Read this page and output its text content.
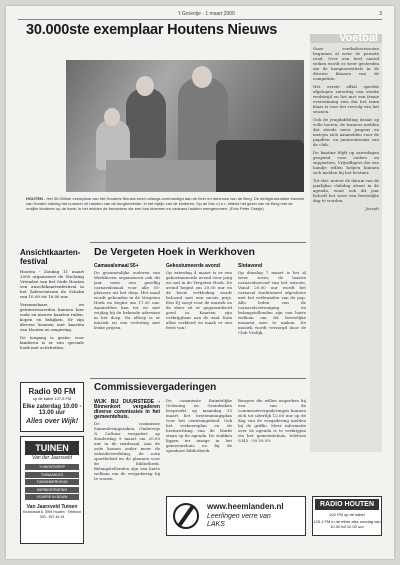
't Groentje · 1 maart 2000	3
30.000ste exemplaar Houtens Nieuws
HOUTEN - Het 30.000ste exemplaar van het Houtens Nieuws werd onlangs overhandigd aan de heer en mevrouw van de Berg. De dertigduizendste inwoner van Houten ontving het nummer uit handen van de burgemeester, in het bijzijn van de kinderen. Op de foto v.l.n.r. zittend het gezin van de Berg met de vrolijke kinderen op de bank; in het midden de bezoekers die een bos bloemen en cadeaus hadden meegenomen. (Foto Peter Grasje)
Voetbal

Onze voetbaltoernooien beginnen al weer de periode rond. Over een heel aantal weken wordt er weer gestreden om de kampioenstitels in de diverse klassen van de competitie.

Het eerste elftal speelde afgelopen zaterdag een sterke wedstrijd en liet met een fraaie overwinning zien dat het team klaar is voor het vervolg van het seizoen.

Ook de jeugdafdeling draait op volle toeren; de trainers melden dat steeds meer jongens en meisjes zich aanmelden voor de pupillen- en juniorenteams van de club.

De kantine blijft op zaterdagen geopend voor ouders en supporters. Vrijwilligers die een handje willen helpen kunnen zich melden bij het bestuur.

Tot slot: noteer de datum van de jaarlijkse clubdag alvast in de agenda, want ook dit jaar belooft het weer een feestelijke dag te worden.

Joseph

Ansichtkaarten-festival

Houten - Zondag 11 maart 2000 organiseert de Stichting Vrienden van het Oude Houten een ansichtkaartenfestival in het Zalencentrum de Schalm van 10.00 tot 16.00 uur.

Verzamelaars en geïnteresseerden kunnen hier oude en nieuwe kaarten ruilen, kopen en bekijken. Er zijn diverse kramen met kaarten van Houten en omgeving.

De toegang is gratis; voor kinderen is er een speciale hoek met activiteiten.

Radio 90 FM
op de kabel 107.8 FM
Elke zaterdag 10.00 - 13.00 uur
Alles over Wijk!
TUINEN
Van der Jaarsveld
TUINONTWERP
TUINAANLEG
TUINONDERHOUD
SIERBESTRATING
VIJVERS IN BOUW
Van Jaarsveld Tuinen
Kruisstraat 8, 3994 Houten · Telefoon 030 - 637 46 15
De Vergeten Hoek in Werkhoven
Camavalsmaal 55+

De gezamenlijke ouderen van Werkhoven organiseren ook dit jaar weer een gezellig carnavalsmaal voor alle 55-plussers uit het dorp. Het maal wordt gehouden in de Vergeten Hoek en begint om 17.30 uur. Aanmelden kan tot en met vrijdag bij de bekende adressen in het dorp. Na afloop is er muziek en een verloting met leuke prijzen.

Gekostumeerde avond

Op zaterdag 4 maart is er een gekostumeerde avond voor jong en oud in de Vergeten Hoek. De avond begint om 20.30 uur en de beste verkleding wordt beloond met een mooie prijs. Een DJ zorgt voor de muziek en de sfeer zit er gegarandeerd goed in. Kaarten zijn verkrijgbaar aan de zaal. Kom allen verkleed en maak er een feest van!

Slotavond

Op dinsdag 7 maart is het al weer zover, de laatste carnavalsavond van het seizoen. Vanaf 20.00 uur wordt het carnaval traditioneel afgesloten met het verbranden van de pop. Alle leden van de carnavalsvereniging en belangstellenden zijn van harte welkom om dit feestelijke moment mee te maken. De muziek wordt verzorgd door de Club Vrolijk.

Commissievergaderingen
WIJK BIJ DUURSTEDE - Binnenkort vergaderen diverse commissies in het gemeentehuis.

De commissie Samenlevingszaken, Onderwijs & Cultuur vergadert op donderdag 9 maart om 20.00 uur in de raadszaal. Aan de orde komen onder meer de subsidieverdeling, de nota sportbeleid en de plannen voor de bibliotheek. Belangstellenden zijn van harte welkom om de vergadering bij te wonen.

De commissie Ruimtelijke Ordening en Grondzaken bespreekt op maandag 13 maart het bestemmingsplan voor het centrumgebied. Ook het verkeersplan en de herinrichting van de Markt staan op de agenda. De stukken liggen ter inzage in het gemeentehuis en bij de openbare bibliotheek.

Burgers die willen inspreken bij een van de commissievergaderingen kunnen zich tot uiterlijk 12.00 uur op de dag van de vergadering melden bij de griffie. Meer informatie over de agenda is te verkrijgen via het gemeentehuis, telefoon 0343 - 59 59 59.

www.heemlanden.nl
Leerlingen verre van
LAKS
RADIO HOUTEN
102 FM op de kabel
105.1 FM in de ether elke zondag van 10.00 tot 12.00 uur
